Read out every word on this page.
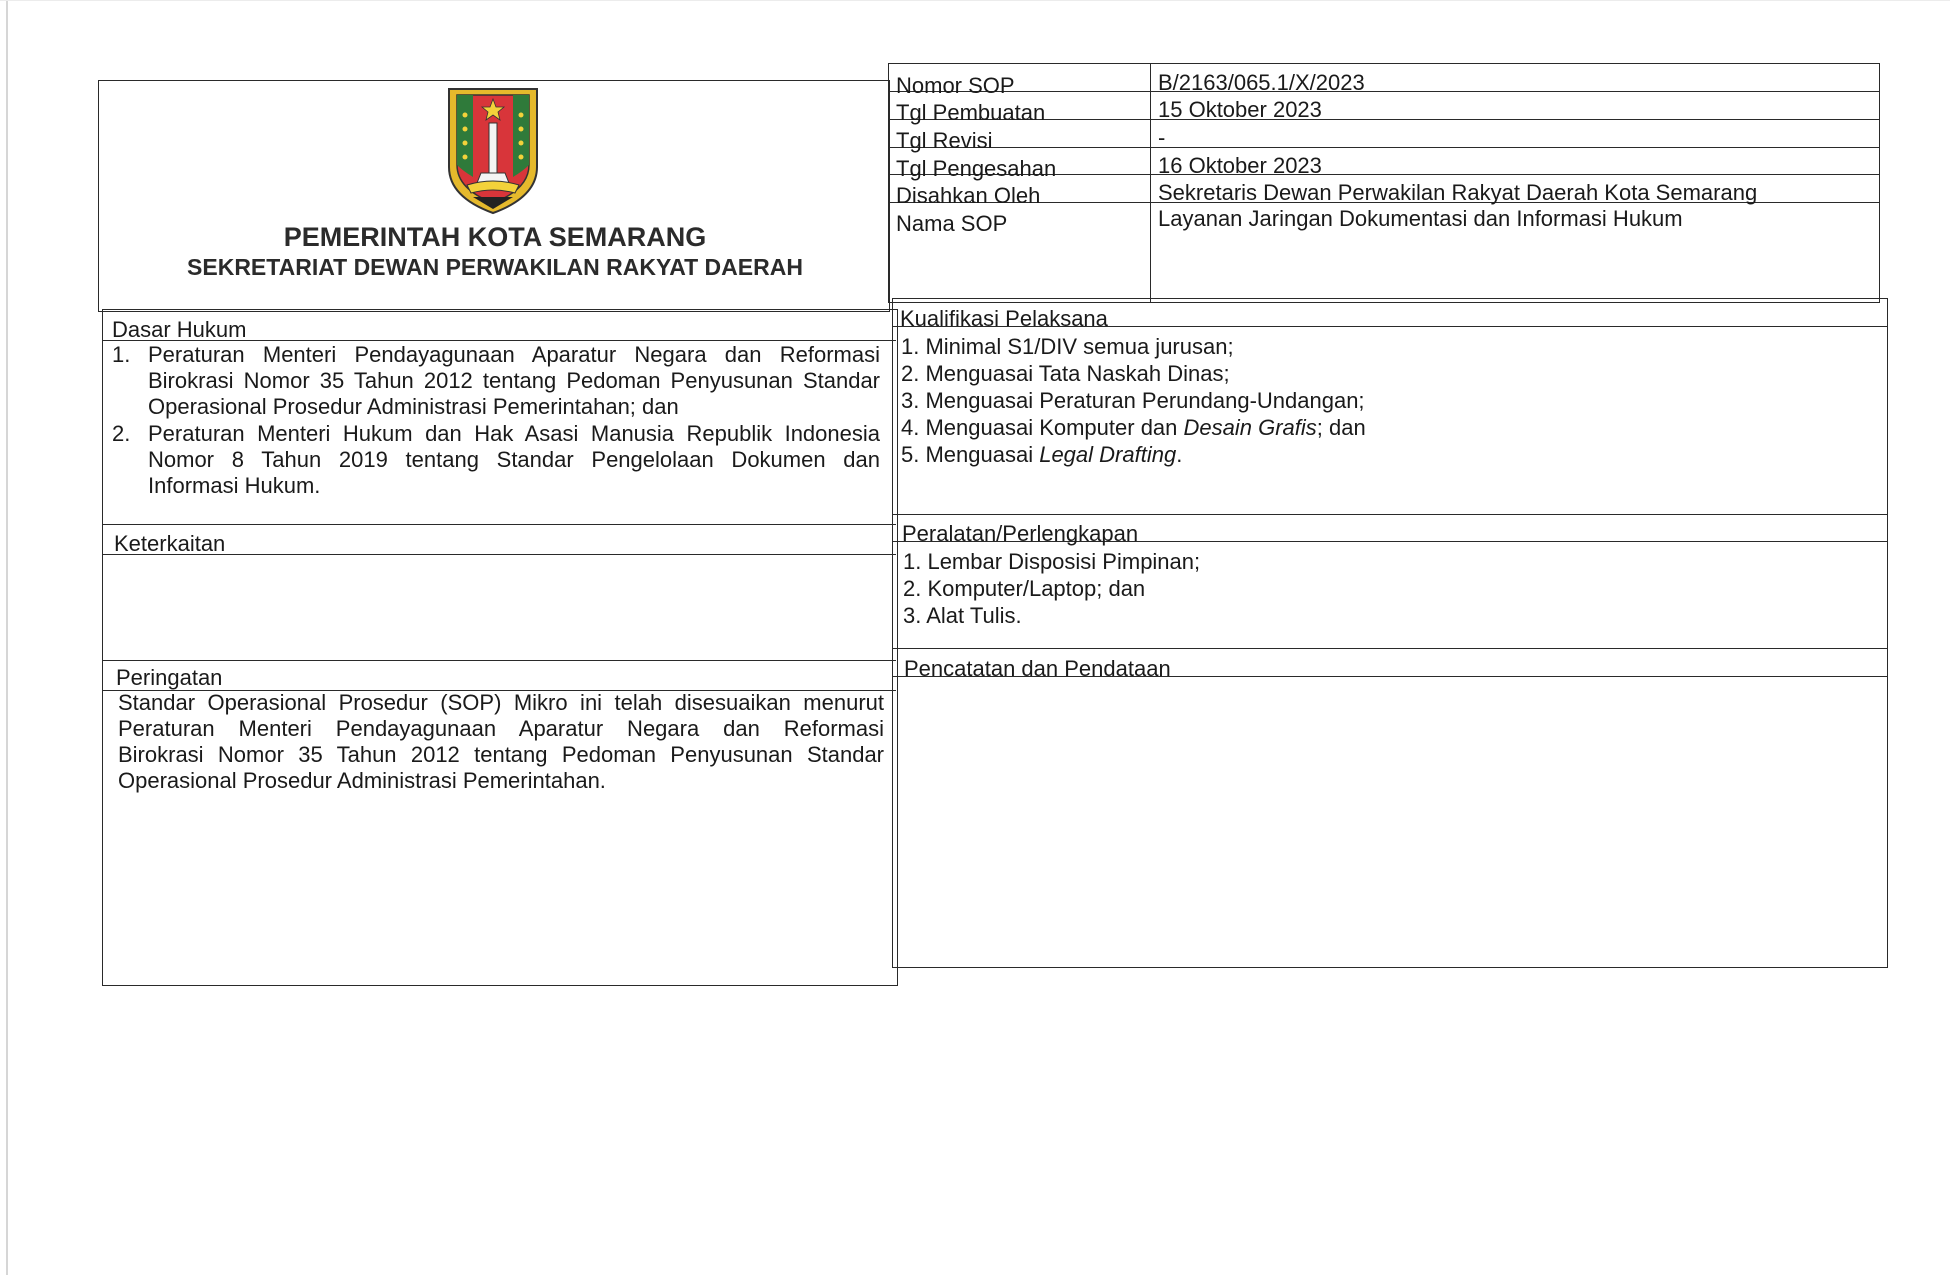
PEMERINTAH KOTA SEMARANG
SEKRETARIAT DEWAN PERWAKILAN RAKYAT DAERAH
Nomor SOP	B/2163/065.1/X/2023
Tgl Pembuatan	15 Oktober 2023
Tgl Revisi	-
Tgl Pengesahan	16 Oktober 2023
Disahkan Oleh	Sekretaris Dewan Perwakilan Rakyat Daerah Kota Semarang
Nama SOP	Layanan Jaringan Dokumentasi dan Informasi Hukum
Dasar Hukum
1. Peraturan Menteri Pendayagunaan Aparatur Negara dan Reformasi Birokrasi Nomor 35 Tahun 2012 tentang Pedoman Penyusunan Standar Operasional Prosedur Administrasi Pemerintahan; dan
2. Peraturan Menteri Hukum dan Hak Asasi Manusia Republik Indonesia Nomor 8 Tahun 2019 tentang Standar Pengelolaan Dokumen dan Informasi Hukum.
Kualifikasi Pelaksana
1. Minimal S1/DIV semua jurusan;
2. Menguasai Tata Naskah Dinas;
3. Menguasai Peraturan Perundang-Undangan;
4. Menguasai Komputer dan Desain Grafis; dan
5. Menguasai Legal Drafting.
Keterkaitan	Peralatan/Perlengkapan
1. Lembar Disposisi Pimpinan;
2. Komputer/Laptop; dan
3. Alat Tulis.
Peringatan
Standar Operasional Prosedur (SOP) Mikro ini telah disesuaikan menurut
Peraturan Menteri Pendayagunaan Aparatur Negara dan Reformasi
Birokrasi Nomor 35 Tahun 2012 tentang Pedoman Penyusunan Standar
Operasional Prosedur Administrasi Pemerintahan.
Pencatatan dan Pendataan
